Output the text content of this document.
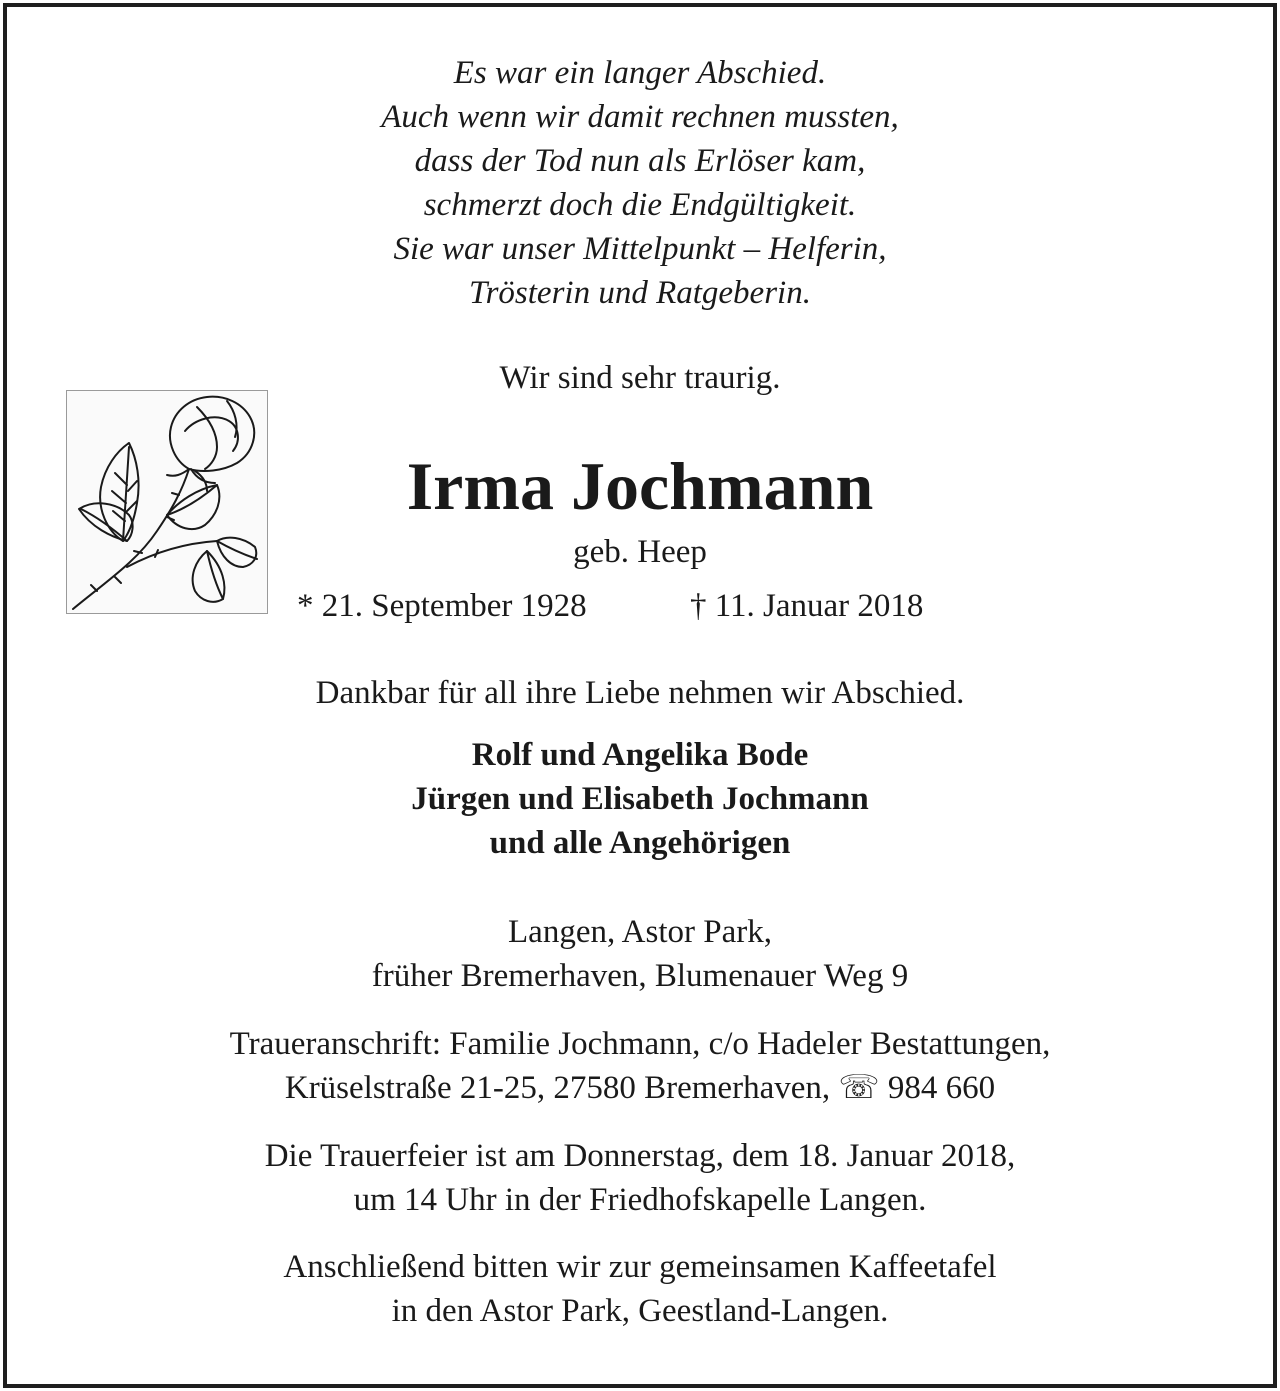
Es war ein langer Abschied.
Auch wenn wir damit rechnen mussten,
dass der Tod nun als Erlöser kam,
schmerzt doch die Endgültigkeit.
Sie war unser Mittelpunkt – Helferin,
Trösterin und Ratgeberin.
Wir sind sehr traurig.
Irma Jochmann
geb. Heep
* 21. September 1928	† 11. Januar 2018
Dankbar für all ihre Liebe nehmen wir Abschied.
Rolf und Angelika Bode
Jürgen und Elisabeth Jochmann
und alle Angehörigen
Langen, Astor Park,
früher Bremerhaven, Blumenauer Weg 9
Traueranschrift: Familie Jochmann, c/o Hadeler Bestattungen,
Krüselstraße 21-25, 27580 Bremerhaven, ☏ 984 660
Die Trauerfeier ist am Donnerstag, dem 18. Januar 2018,
um 14 Uhr in der Friedhofskapelle Langen.
Anschließend bitten wir zur gemeinsamen Kaffeetafel
in den Astor Park, Geestland-Langen.
